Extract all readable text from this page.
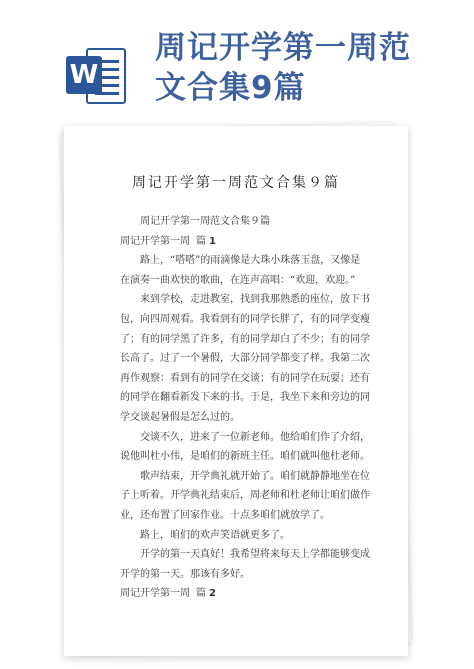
W
周记开学第一周范
文合集9篇
周记开学第一周范文合集９篇

周记开学第一周范文合集９篇

周记开学第一周 篇 1

路上，“嗒嗒”的雨滴像是大珠小珠落玉盘，又像是在演奏一曲欢快的歌曲，在连声高唱：“欢迎，欢迎。”

来到学校，走进教室，找到我那熟悉的座位，放下书包，向四周观看。我看到有的同学长胖了，有的同学变瘦了；有的同学黑了许多，有的同学却白了不少；有的同学长高了。过了一个暑假，大部分同学都变了样。我第二次再作观察：看到有的同学在交谈；有的同学在玩耍；还有的同学在翻看新发下来的书。于是，我坐下来和旁边的同学交谈起暑假是怎么过的。

交谈不久，进来了一位新老师。他给咱们作了介绍，说他叫杜小伟，是咱们的新班主任。咱们就叫他杜老师。

歌声结束，开学典礼就开始了。咱们就静静地坐在位子上听着。开学典礼结束后，周老师和杜老师让咱们做作业，还布置了回家作业。十点多咱们就放学了。

路上，咱们的欢声笑语就更多了。

开学的第一天真好！我希望将来每天上学都能够变成开学的第一天。那该有多好。

周记开学第一周 篇 2
